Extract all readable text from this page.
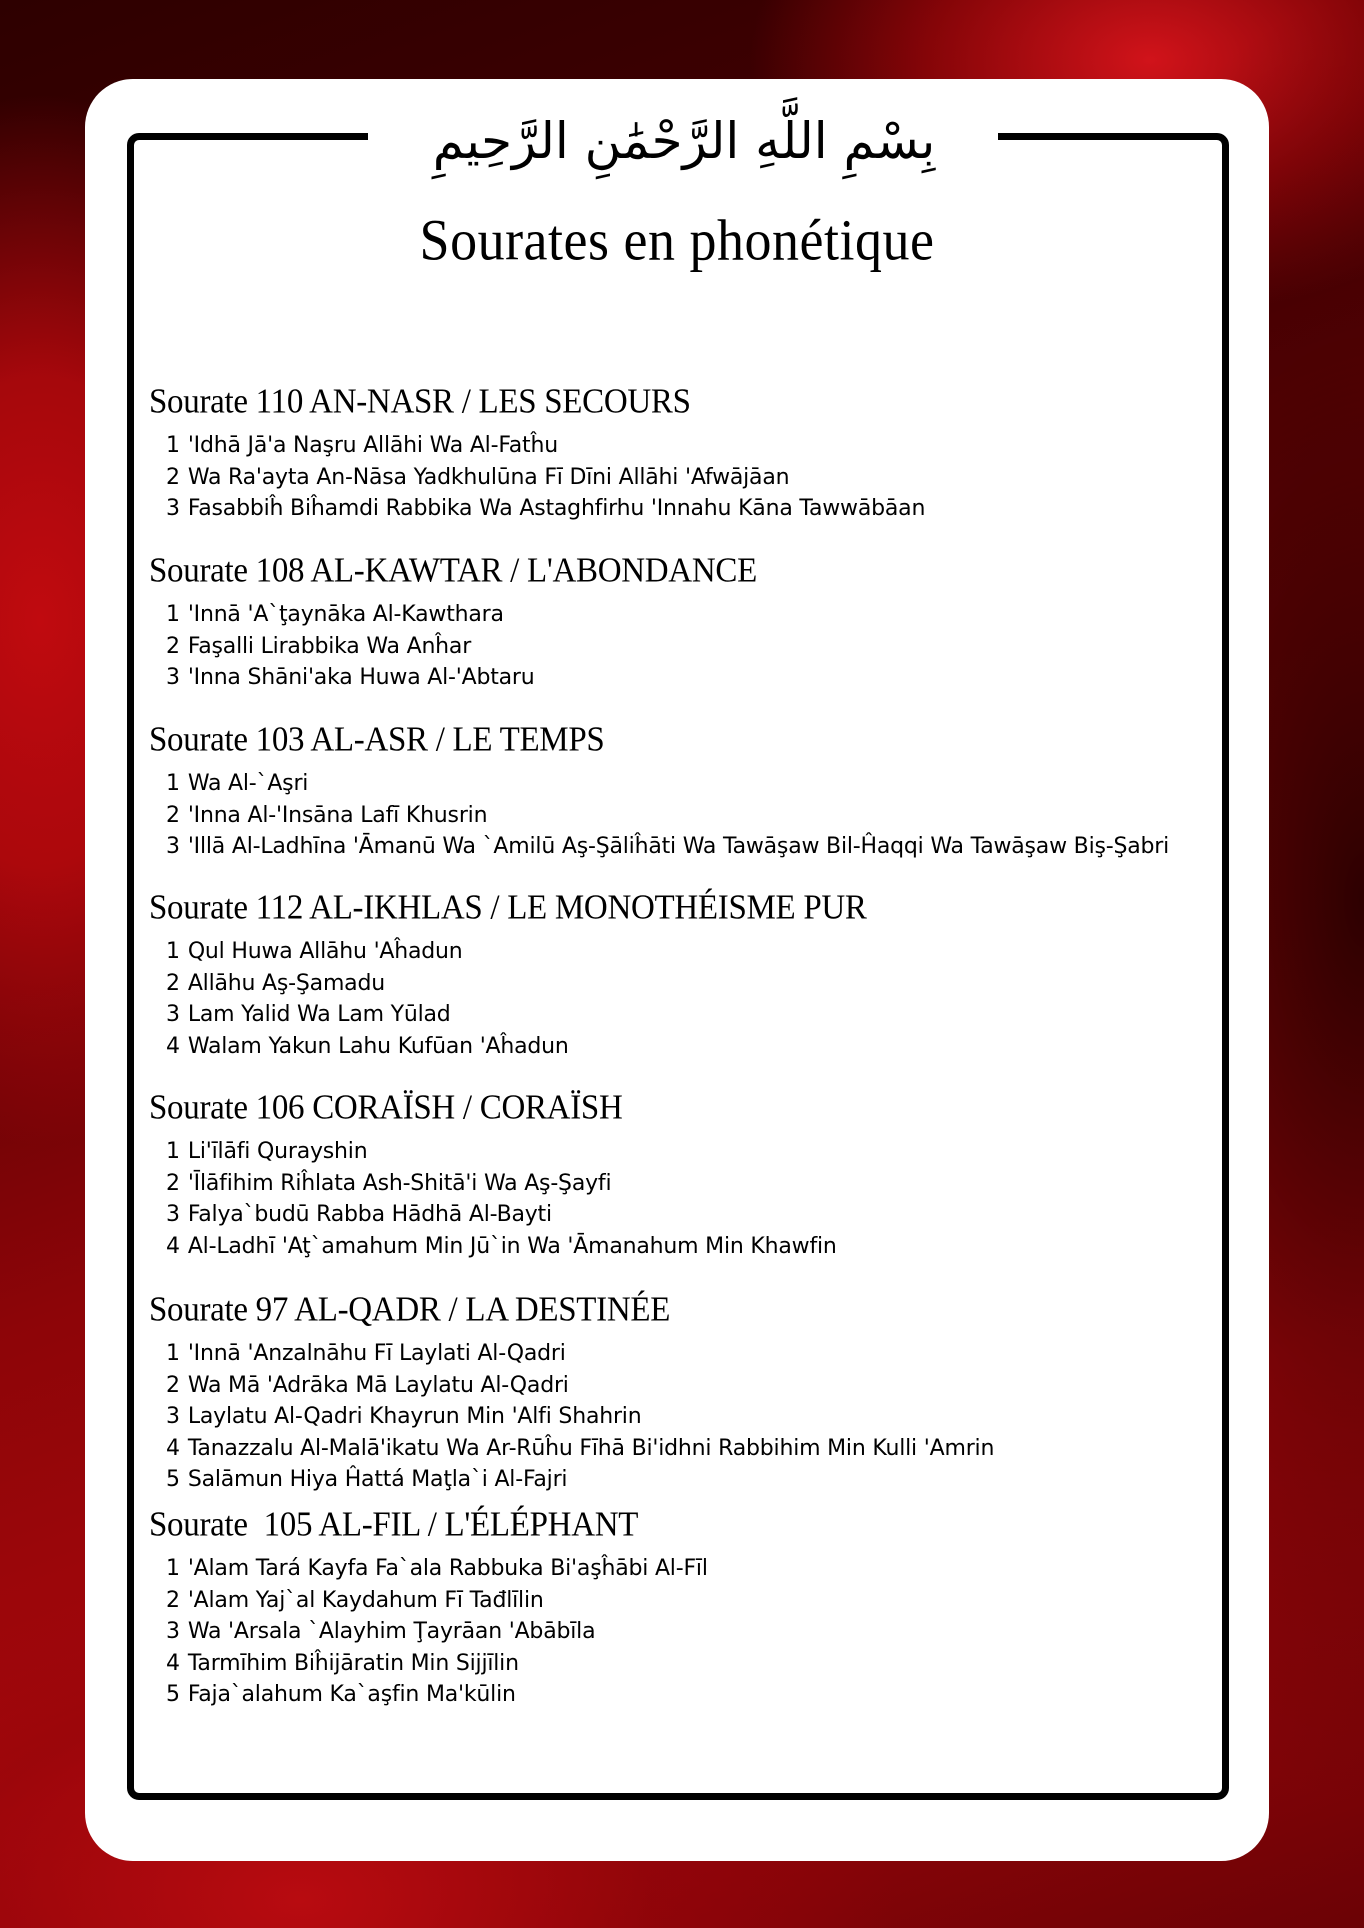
بِسْمِ اللَّهِ الرَّحْمَٰنِ الرَّحِيمِ
Sourates en phonétique
Sourate 110 AN-NASR / LES SECOURS
1 'Idhā Jā'a Naşru Allāhi Wa Al-Fatĥu
2 Wa Ra'ayta An-Nāsa Yadkhulūna Fī Dīni Allāhi 'Afwājāan
3 Fasabbiĥ Biĥamdi Rabbika Wa Astaghfirhu 'Innahu Kāna Tawwābāan
Sourate 108 AL-KAWTAR / L'ABONDANCE
1 'Innā 'A`ţaynāka Al-Kawthara
2 Faşalli Lirabbika Wa Anĥar
3 'Inna Shāni'aka Huwa Al-'Abtaru
Sourate 103 AL-ASR / LE TEMPS
1 Wa Al-`Aşri
2 'Inna Al-'Insāna Lafī Khusrin
3 'Illā Al-Ladhīna 'Āmanū Wa `Amilū Aş-Şāliĥāti Wa Tawāşaw Bil-Ĥaqqi Wa Tawāşaw Biş-Şabri
Sourate 112 AL-IKHLAS / LE MONOTHÉISME PUR
1 Qul Huwa Allāhu 'Aĥadun
2 Allāhu Aş-Şamadu
3 Lam Yalid Wa Lam Yūlad
4 Walam Yakun Lahu Kufūan 'Aĥadun
Sourate 106 CORAÏSH / CORAÏSH
1 Li'īlāfi Qurayshin
2 'Īlāfihim Riĥlata Ash-Shitā'i Wa Aş-Şayfi
3 Falya`budū Rabba Hādhā Al-Bayti
4 Al-Ladhī 'Aţ`amahum Min Jū`in Wa 'Āmanahum Min Khawfin
Sourate 97 AL-QADR / LA DESTINÉE
1 'Innā 'Anzalnāhu Fī Laylati Al-Qadri
2 Wa Mā 'Adrāka Mā Laylatu Al-Qadri
3 Laylatu Al-Qadri Khayrun Min 'Alfi Shahrin
4 Tanazzalu Al-Malā'ikatu Wa Ar-Rūĥu Fīhā Bi'idhni Rabbihim Min Kulli 'Amrin
5 Salāmun Hiya Ĥattá Maţla`i Al-Fajri
Sourate  105 AL-FIL / L'ÉLÉPHANT
1 'Alam Tará Kayfa Fa`ala Rabbuka Bi'aşĥābi Al-Fīl
2 'Alam Yaj`al Kaydahum Fī Tađlīlin
3 Wa 'Arsala `Alayhim Ţayrāan 'Abābīla
4 Tarmīhim Biĥijāratin Min Sijjīlin
5 Faja`alahum Ka`aşfin Ma'kūlin
